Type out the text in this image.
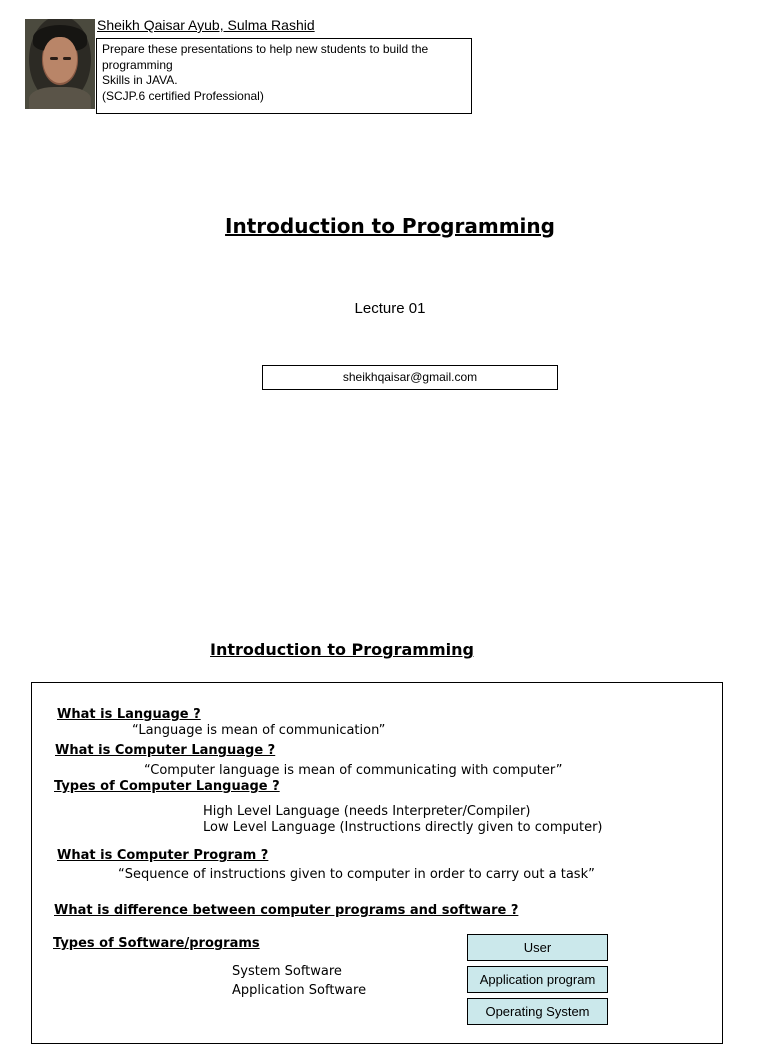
Sheikh Qaisar Ayub, Sulma Rashid
Prepare these presentations to help new students to build the
programming
Skills in JAVA.
(SCJP.6 certified Professional)
Introduction to Programming
Lecture 01
sheikhqaisar@gmail.com
Introduction to Programming
What is Language ?
“Language is mean of communication”
What is Computer Language ?
“Computer language is mean of communicating with computer”
Types of Computer Language ?
High Level Language (needs Interpreter/Compiler)
Low Level Language (Instructions directly given to computer)
What is Computer Program ?
“Sequence of instructions given to computer in order to carry out a task”
What is difference between computer programs and software ?
Types of Software/programs
System Software
Application Software
User
Application program
Operating System
